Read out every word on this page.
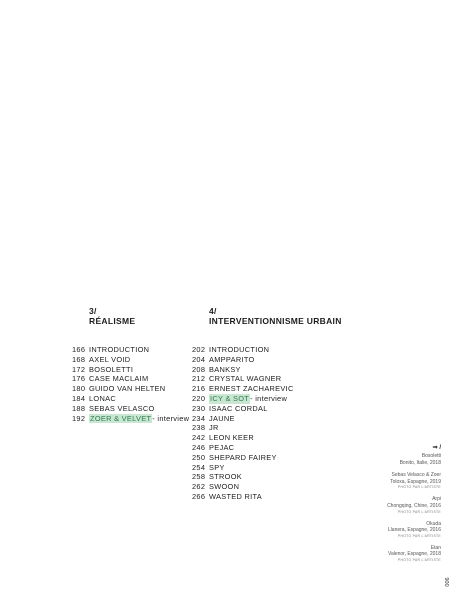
3/
RÉALISME
166 INTRODUCTION
168 AXEL VOID
172 BOSOLETTI
176 CASE MACLAIM
180 GUIDO VAN HELTEN
184 LONAC
188 SEBAS VELASCO
192 ZOER & VELVET - interview
4/
INTERVENTIONNISME URBAIN
202 INTRODUCTION
204 AMPPARITO
208 BANKSY
212 CRYSTAL WAGNER
216 ERNEST ZACHAREVIC
220 ICY & SOT - interview
230 ISAAC CORDAL
234 JAUNE
238 JR
242 LEON KEER
246 PEJAC
250 SHEPARD FAIREY
254 SPY
258 STROOK
262 SWOON
266 WASTED RITA
⇒ /
Bosoletti
Bonito, Italie, 2018
Sebas Velasco & Zoer
Toloxa, Espagne, 2019
PHOTO PAR L'ARTISTE
Arpi
Chongqing, Chine, 2016
PHOTO PAR L'ARTISTE
Okuda
Llanera, Espagne, 2016
PHOTO PAR L'ARTISTE
Etan
Valenor, Espagne, 2018
PHOTO PAR L'ARTISTE
006
